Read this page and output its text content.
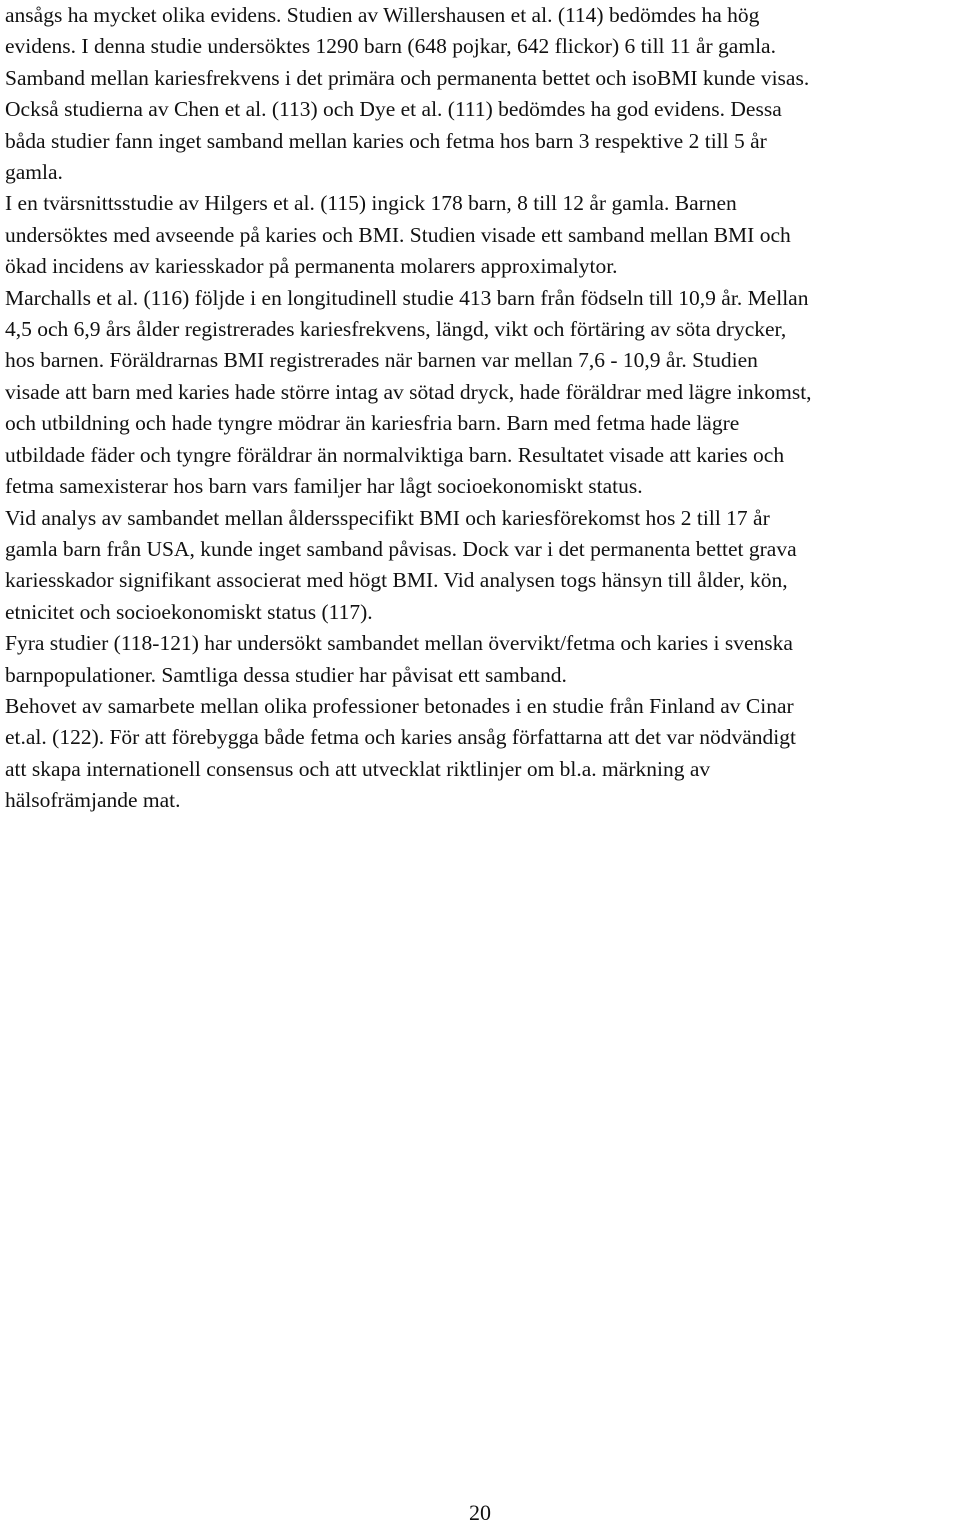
ansågs ha mycket olika evidens. Studien av Willershausen et al. (114) bedömdes ha hög
evidens. I denna studie undersöktes 1290 barn (648 pojkar, 642 flickor) 6 till 11 år gamla.
Samband mellan kariesfrekvens i det primära och permanenta bettet och isoBMI kunde visas.
Också studierna av Chen et al. (113) och Dye et al. (111) bedömdes ha god evidens. Dessa
båda studier fann inget samband mellan karies och fetma hos barn 3 respektive 2 till 5 år
gamla.

I en tvärsnittsstudie av Hilgers et al. (115) ingick 178 barn, 8 till 12 år gamla. Barnen
undersöktes med avseende på karies och BMI. Studien visade ett samband mellan BMI och
ökad incidens av kariesskador på permanenta molarers approximalytor.

Marchalls et al. (116) följde i en longitudinell studie 413 barn från födseln till 10,9 år. Mellan
4,5 och 6,9 års ålder registrerades kariesfrekvens, längd, vikt och förtäring av söta drycker,
hos barnen. Föräldrarnas BMI registrerades när barnen var mellan 7,6 - 10,9 år. Studien
visade att barn med karies hade större intag av sötad dryck, hade föräldrar med lägre inkomst,
och utbildning och hade tyngre mödrar än kariesfria barn. Barn med fetma hade lägre
utbildade fäder och tyngre föräldrar än normalviktiga barn. Resultatet visade att karies och
fetma samexisterar hos barn vars familjer har lågt socioekonomiskt status.

Vid analys av sambandet mellan åldersspecifikt BMI och kariesförekomst hos 2 till 17 år
gamla barn från USA, kunde inget samband påvisas. Dock var i det permanenta bettet grava
kariesskador signifikant associerat med högt BMI. Vid analysen togs hänsyn till ålder, kön,
etnicitet och socioekonomiskt status (117).

Fyra studier (118-121) har undersökt sambandet mellan övervikt/fetma och karies i svenska
barnpopulationer. Samtliga dessa studier har påvisat ett samband.

Behovet av samarbete mellan olika professioner betonades i en studie från Finland av Cinar
et.al. (122). För att förebygga både fetma och karies ansåg författarna att det var nödvändigt
att skapa internationell consensus och att utvecklat riktlinjer om bl.a. märkning av
hälsofrämjande mat.

20
